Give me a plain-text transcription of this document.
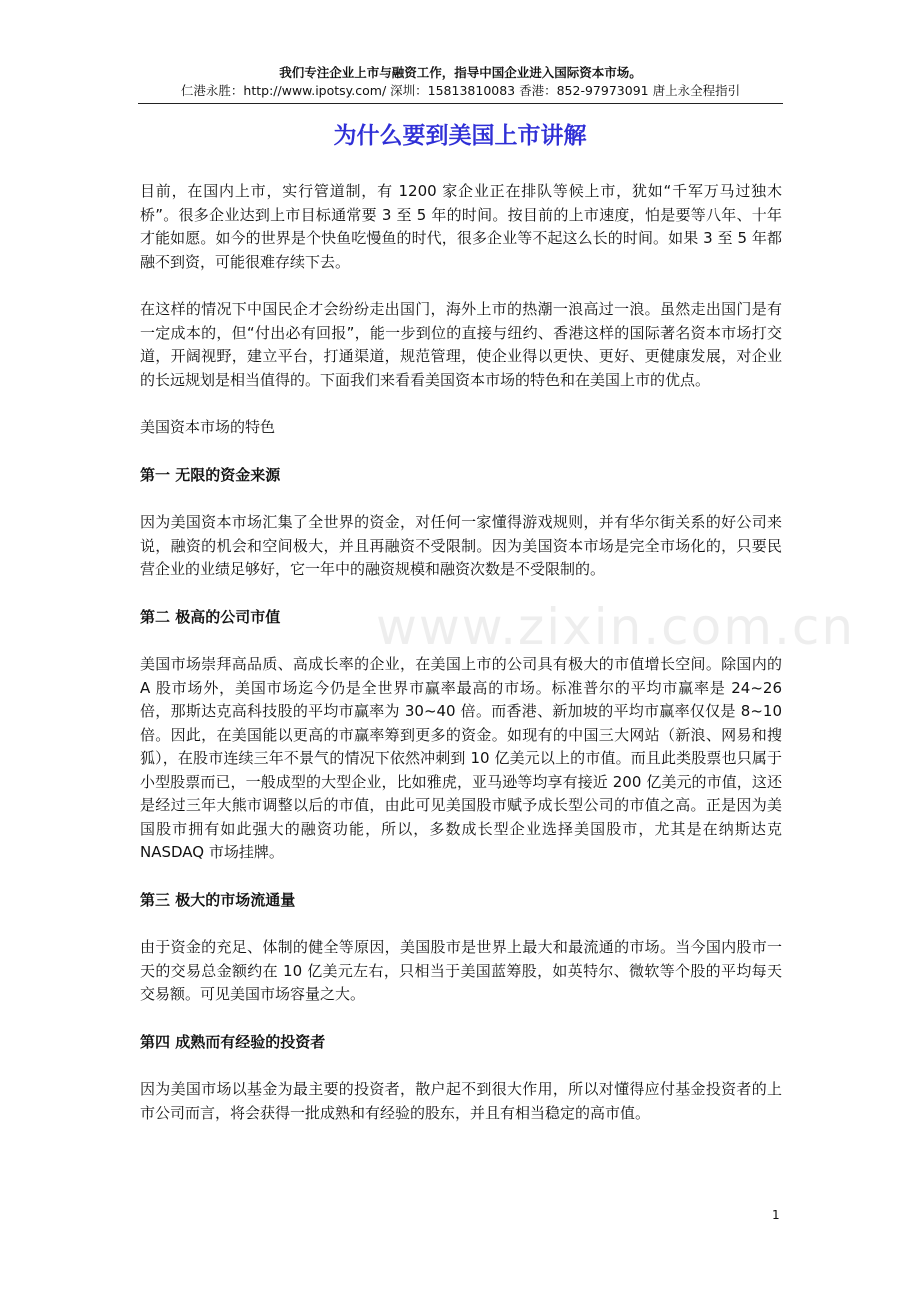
我们专注企业上市与融资工作，指导中国企业进入国际资本市场。
仁港永胜：http://www.ipotsy.com/ 深圳：15813810083 香港：852-97973091 唐上永全程指引
为什么要到美国上市讲解
www.zixin.com.cn

目前，在国内上市，实行管道制，有 1200 家企业正在排队等候上市，犹如“千军万马过独木桥”。很多企业达到上市目标通常要 3 至 5 年的时间。按目前的上市速度，怕是要等八年、十年才能如愿。如今的世界是个快鱼吃慢鱼的时代，很多企业等不起这么长的时间。如果 3 至 5 年都融不到资，可能很难存续下去。

在这样的情况下中国民企才会纷纷走出国门，海外上市的热潮一浪高过一浪。虽然走出国门是有一定成本的，但“付出必有回报”，能一步到位的直接与纽约、香港这样的国际著名资本市场打交道，开阔视野，建立平台，打通渠道，规范管理，使企业得以更快、更好、更健康发展，对企业的长远规划是相当值得的。下面我们来看看美国资本市场的特色和在美国上市的优点。

美国资本市场的特色

第一 无限的资金来源

因为美国资本市场汇集了全世界的资金，对任何一家懂得游戏规则，并有华尔街关系的好公司来说，融资的机会和空间极大，并且再融资不受限制。因为美国资本市场是完全市场化的，只要民营企业的业绩足够好，它一年中的融资规模和融资次数是不受限制的。

第二 极高的公司市值

美国市场崇拜高品质、高成长率的企业，在美国上市的公司具有极大的市值增长空间。除国内的 A 股市场外，美国市场迄今仍是全世界市赢率最高的市场。标准普尔的平均市赢率是 24~26 倍，那斯达克高科技股的平均市赢率为 30~40 倍。而香港、新加坡的平均市赢率仅仅是 8~10 倍。因此，在美国能以更高的市赢率筹到更多的资金。如现有的中国三大网站（新浪、网易和搜狐），在股市连续三年不景气的情况下依然冲刺到 10 亿美元以上的市值。而且此类股票也只属于小型股票而已，一般成型的大型企业，比如雅虎，亚马逊等均享有接近 200 亿美元的市值，这还是经过三年大熊市调整以后的市值，由此可见美国股市赋予成长型公司的市值之高。正是因为美国股市拥有如此强大的融资功能，所以，多数成长型企业选择美国股市，尤其是在纳斯达克 NASDAQ 市场挂牌。

第三 极大的市场流通量

由于资金的充足、体制的健全等原因，美国股市是世界上最大和最流通的市场。当今国内股市一天的交易总金额约在 10 亿美元左右，只相当于美国蓝筹股，如英特尔、微软等个股的平均每天交易额。可见美国市场容量之大。

第四 成熟而有经验的投资者

因为美国市场以基金为最主要的投资者，散户起不到很大作用，所以对懂得应付基金投资者的上市公司而言，将会获得一批成熟和有经验的股东，并且有相当稳定的高市值。

1
